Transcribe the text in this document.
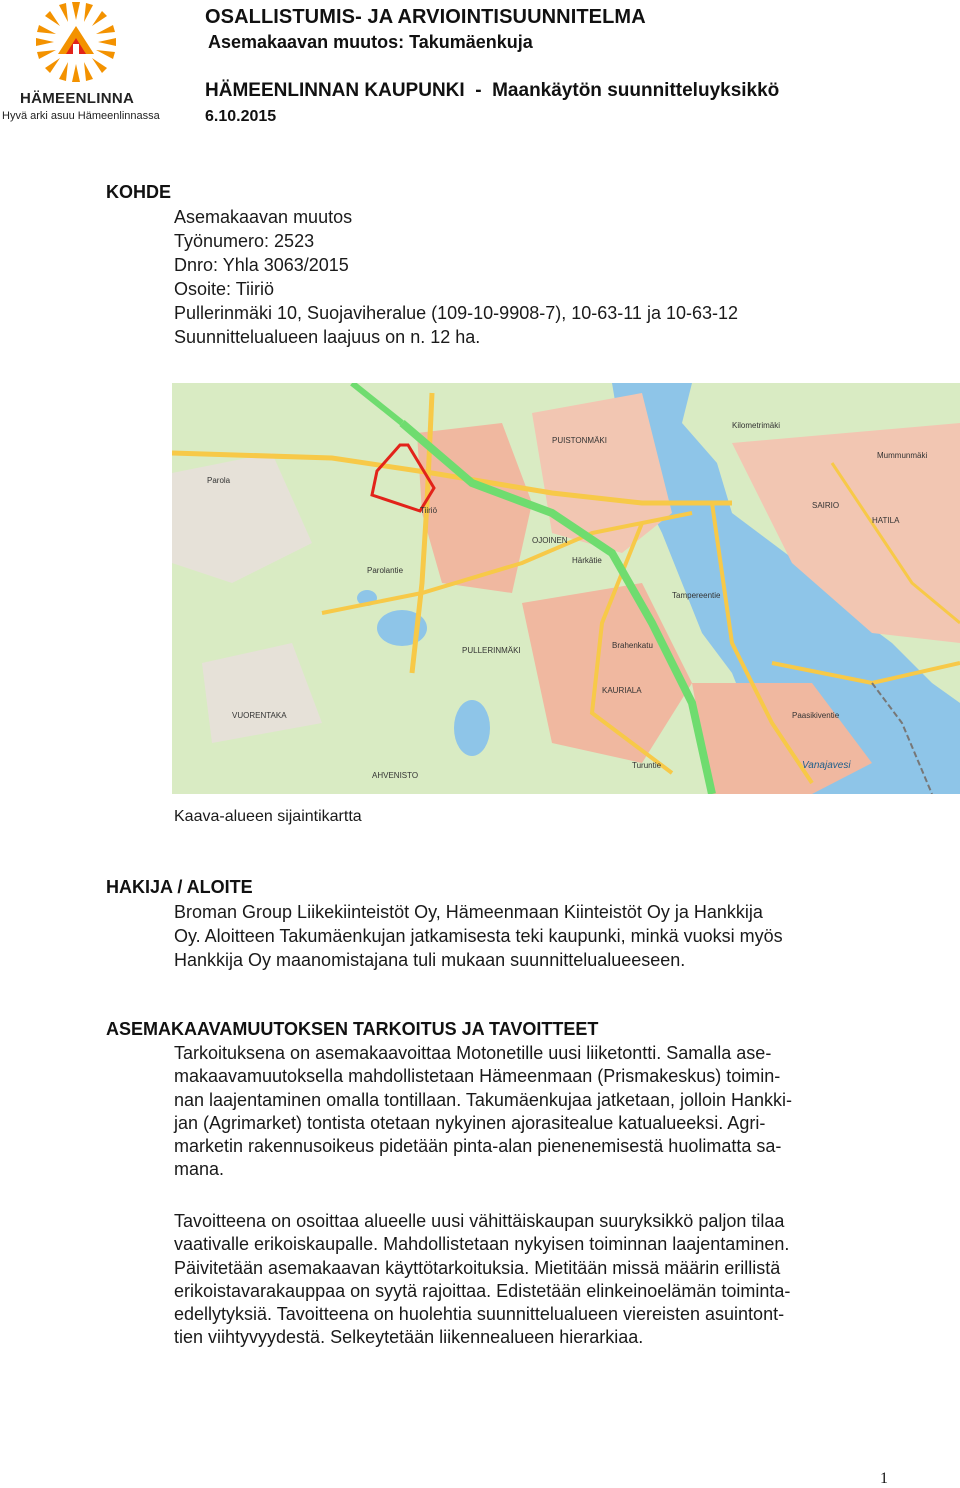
HÄMEENLINNA
Hyvä arki asuu Hämeenlinnassa
OSALLISTUMIS- JA ARVIOINTISUUNNITELMA
Asemakaavan muutos: Takumäenkuja
HÄMEENLINNAN KAUPUNKI  -  Maankäytön suunnitteluyksikkö
6.10.2015
KOHDE
Asemakaavan muutos
Työnumero: 2523
Dnro: Yhla 3063/2015
Osoite: Tiiriö
Pullerinmäki 10, Suojaviheralue (109-10-9908-7), 10-63-11 ja 10-63-12
Suunnittelualueen laajuus on n. 12 ha.
Parola
Tiiriö
PUISTONMÄKI
OJOINEN
Härkätie
Kilometrimäki
Mummunmäki
SAIRIO
HATILA
PULLERINMÄKI
VUORENTAKA
AHVENISTO
KAURIALA
Vanajavesi
Tampereentie
Parolantie
Turuntie
Brahenkatu
Paasikiventie
Kaava-alueen sijaintikartta
HAKIJA / ALOITE
Broman Group Liikekiinteistöt Oy, Hämeenmaan Kiinteistöt Oy ja Hankkija
Oy. Aloitteen Takumäenkujan jatkamisesta teki kaupunki, minkä vuoksi myös
Hankkija Oy maanomistajana tuli mukaan suunnittelualueeseen.
ASEMAKAAVAMUUTOKSEN TARKOITUS JA TAVOITTEET

Tarkoituksena on asemakaavoittaa Motonetille uusi liiketontti. Samalla ase-

makaavamuutoksella mahdollistetaan Hämeenmaan (Prismakeskus) toimin-

nan laajentaminen omalla tontillaan. Takumäenkujaa jatketaan, jolloin Hankki-

jan (Agrimarket) tontista otetaan nykyinen ajorasitealue katualueeksi. Agri-

marketin rakennusoikeus pidetään pinta-alan pienenemisestä huolimatta sa-

mana.

Tavoitteena on osoittaa alueelle uusi vähittäiskaupan suuryksikkö paljon tilaa

vaativalle erikoiskaupalle. Mahdollistetaan nykyisen toiminnan laajentaminen.

Päivitetään asemakaavan käyttötarkoituksia. Mietitään missä määrin erillistä

erikoistavarakauppaa on syytä rajoittaa. Edistetään elinkeinoelämän toiminta-

edellytyksiä. Tavoitteena on huolehtia suunnittelualueen viereisten asuintont-

tien viihtyvyydestä. Selkeytetään liikennealueen hierarkiaa.

1
